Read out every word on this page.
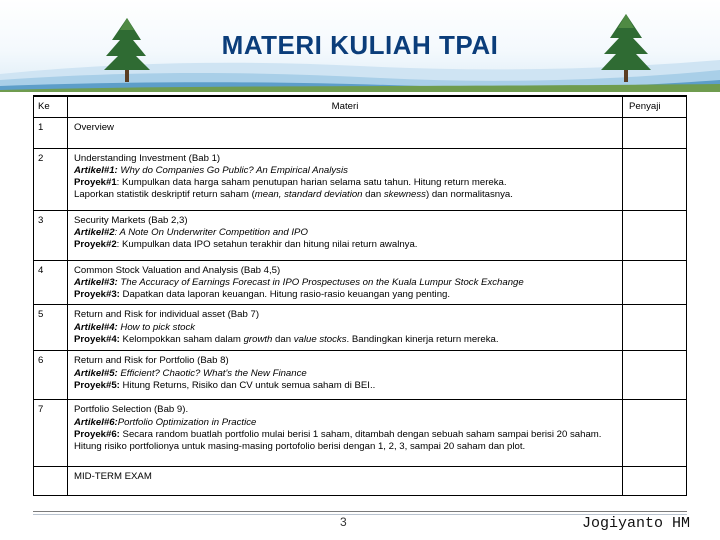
MATERI KULIAH TPAI
Ke	Materi	Penyaji
1	Overview	

2	Understanding Investment (Bab 1)
Artikel#1: Why do Companies Go Public? An Empirical Analysis
Proyek#1: Kumpulkan data harga saham penutupan harian selama satu tahun. Hitung return mereka.
Laporkan statistik deskriptif return saham (mean, standard deviation dan skewness) dan normalitasnya.	

3	Security Markets (Bab 2,3)
Artikel#2: A Note On Underwriter Competition and IPO
Proyek#2: Kumpulkan data IPO setahun terakhir dan hitung nilai return awalnya.	

4	Common Stock Valuation and Analysis (Bab 4,5)
Artikel#3: The Accuracy of Earnings Forecast in IPO Prospectuses on the Kuala Lumpur Stock Exchange
Proyek#3: Dapatkan data laporan keuangan. Hitung rasio-rasio keuangan yang penting.	

5	Return and Risk for individual asset (Bab 7)
Artikel#4: How to pick stock
Proyek#4: Kelompokkan saham dalam growth dan value stocks. Bandingkan kinerja return mereka.	

6	Return and Risk for Portfolio (Bab 8)
Artikel#5: Efficient? Chaotic? What's the New Finance
Proyek#5: Hitung Returns, Risiko dan CV untuk semua saham di BEI..	

7	Portfolio Selection (Bab 9).
Artikel#6:Portfolio Optimization in Practice
Proyek#6: Secara random buatlah portfolio mulai berisi 1 saham, ditambah dengan sebuah saham sampai berisi 20 saham. Hitung risiko portfolionya untuk masing-masing portofolio berisi dengan 1, 2, 3, sampai 20 saham dan plot.	

	MID-TERM EXAM	

3	Jogiyanto HM
